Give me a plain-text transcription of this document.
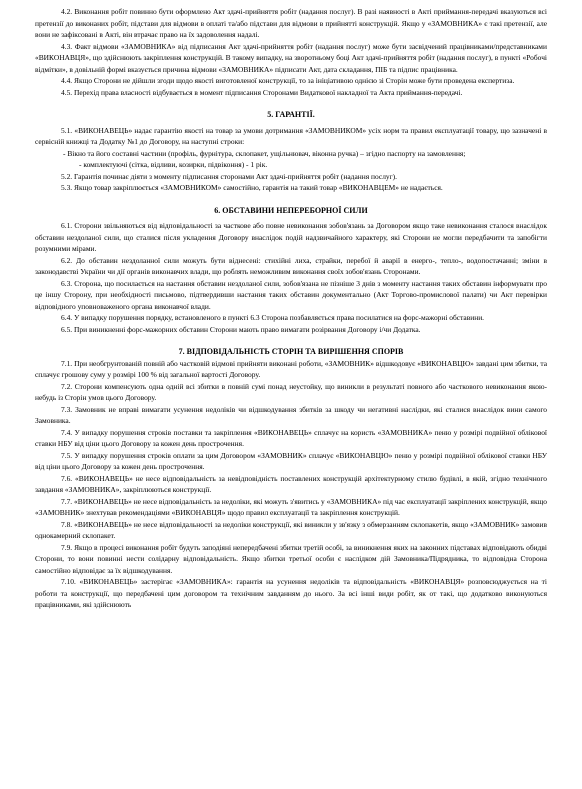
4.2. Виконання робіт повинно бути оформлено Акт здачі-прийняття робіт (надання послуг). В разі наявності в Акті приймання-передачі вказуються всі претензії до виконаних робіт, підстави для відмови в оплаті та/або підстави для відмови в прийнятті конструкцій. Якщо у «ЗАМОВНИКА» є такі претензії, але вони не зафіксовані в Акті, він втрачає право на їх задоволення надалі.

4.3. Факт відмови «ЗАМОВНИКА» від підписання Акт здачі-прийняття робіт (надання послуг) може бути засвідчений працівниками/представниками «ВИКОНАВЦЯ», що здійснюють закріплення конструкцій. В такому випадку, на зворотньому боці Акт здачі-прийняття робіт (надання послуг), в пункті «Робочі відмітки», в довільній формі вказується причина відмови «ЗАМОВНИКА» підписати Акт, дата складання, ПІБ та підпис працівника.

4.4. Якщо Сторони не дійшли згоди щодо якості виготовленої конструкції, то за ініціативою однією зі Сторін може бути проведена експертиза.

4.5. Перехід права власності відбувається в момент підписання Сторонами Видаткової накладної та Акта приймання-передачі.

5. ГАРАНТІЇ.

5.1. «ВИКОНАВЕЦЬ» надає гарантію якості на товар за умови дотримання «ЗАМОВНИКОМ» усіх норм та правил експлуатації товару, що зазначені в сервісній книжці та Додатку №1 до Договору, на наступні строки:

- Вікно та його составні частини (профіль, фурнітура, склопакет, ущільнювач, віконна ручка) – згідно паспорту на замовлення;

- комплектуючі (сітка, відливи, козирки, підвіконня) - 1 рік.

5.2. Гарантія починає діяти з моменту підписання сторонами Акт здачі-прийняття робіт (надання послуг).

5.3. Якщо товар закріплюється «ЗАМОВНИКОМ» самостійно, гарантія на такий товар «ВИКОНАВЦЕМ» не надається.

6. ОБСТАВИНИ НЕПЕРЕБОРНОЇ СИЛИ

6.1. Сторони звільняються від відповідальності за часткове або повне невиконання зобов'язань за Договором якщо таке невиконання сталося внаслідок обставин нездоланої сили, що сталися після укладення Договору внаслідок подій надзвичайного характеру, які Сторони не могли передбачити та запобігти розумними мірами.

6.2. До обставин нездоланної сили можуть бути віднесені: стихійні лиха, страйки, перебої й аварії в енерго-, тепло-, водопостачанні; зміни в законодавстві України чи дії органів виконавчих влади, що роблять неможливим виконання своїх зобов'язань Сторонами.

6.3. Сторона, що посилається на настання обставин нездоланої сили, зобов'язана не пізніше 3 днів з моменту настання таких обставин інформувати про це іншу Сторону, при необхідності письмово, підтвердивши настання таких обставин документально (Акт Торгово-промислової палати) чи Акт перевірки відповідного уповноваженого органа виконавчої влади.

6.4. У випадку порушення порядку, встановленого в пункті 6.3 Сторона позбавляється права посилатися на форс-мажорні обставини.

6.5. При виникненні форс-мажорних обставин Сторони мають право вимагати розірвання Договору і/чи Додатка.

7. ВІДПОВІДАЛЬНІСТЬ СТОРІН ТА ВИРІШЕННЯ СПОРІВ

7.1. При необгрунтованій повній або частковій відмові прийняти виконані роботи, «ЗАМОВНИК» відшкодовує «ВИКОНАВЦЮ» завдані цим збитки, та сплачує грошову суму у розмірі 100 % від загальної вартості Договору.

7.2. Сторони компенсують одна одній всі збитки в повній сумі понад неустойку, що виникли в результаті повного або часткового невиконання якою-небудь із Сторін умов цього Договору.

7.3. Замовник не вправі вимагати усунення недоліків чи відшкодування збитків за шкоду чи негативні наслідки, які сталися внаслідок вини самого Замовника.

7.4. У випадку порушення строків поставки та закріплення «ВИКОНАВЕЦЬ» сплачує на користь «ЗАМОВНИКА» пеню у розмірі подвійної облікової ставки НБУ від ціни цього Договору за кожен день прострочення.

7.5. У випадку порушення строків оплати за цим Договором «ЗАМОВНИК» сплачує «ВИКОНАВЦЮ» пеню у розмірі подвійної облікової ставки НБУ від ціни цього Договору за кожен день прострочення.

7.6. «ВИКОНАВЕЦЬ» не несе відповідальність за невідповідність поставлених конструкцій архітектурному стилю будівлі, в якій, згідно технічного завдання «ЗАМОВНИКА», закріплюються конструкції.

7.7. «ВИКОНАВЕЦЬ» не несе відповідальність за недоліки, які можуть з'явитись у «ЗАМОВНИКА» під час експлуатації закріплених конструкцій, якщо «ЗАМОВНИК» знехтував рекомендаціями «ВИКОНАВЦЯ» щодо правил експлуатації та закріплення конструкцій.

7.8. «ВИКОНАВЕЦЬ» не несе відповідальності за недоліки конструкції, які виникли у зв'язку з обмерзанням склопакетів, якщо «ЗАМОВНИК» замовив однокамерний склопакет.

7.9. Якщо в процесі виконання робіт будуть заподіяні непередбачені збитки третій особі, за виникнення яких на законних підставах відповідають обидві Сторони, то вони повинні нести солідарну відповідальність. Якщо збитки третьої особи є наслідком дій Замовника/Підрядника, то відповідна Сторона самостійно відповідає за їх відшкодування.

7.10. «ВИКОНАВЕЦЬ» застерігає «ЗАМОВНИКА»: гарантія на усунення недоліків та відповідальність «ВИКОНАВЦЯ» розповсюджується на ті роботи та конструкції, що передбачені цим договором та технічним завданням до нього. За всі інші види робіт, як от такі, що додатково виконуються працівниками, які здійснюють
